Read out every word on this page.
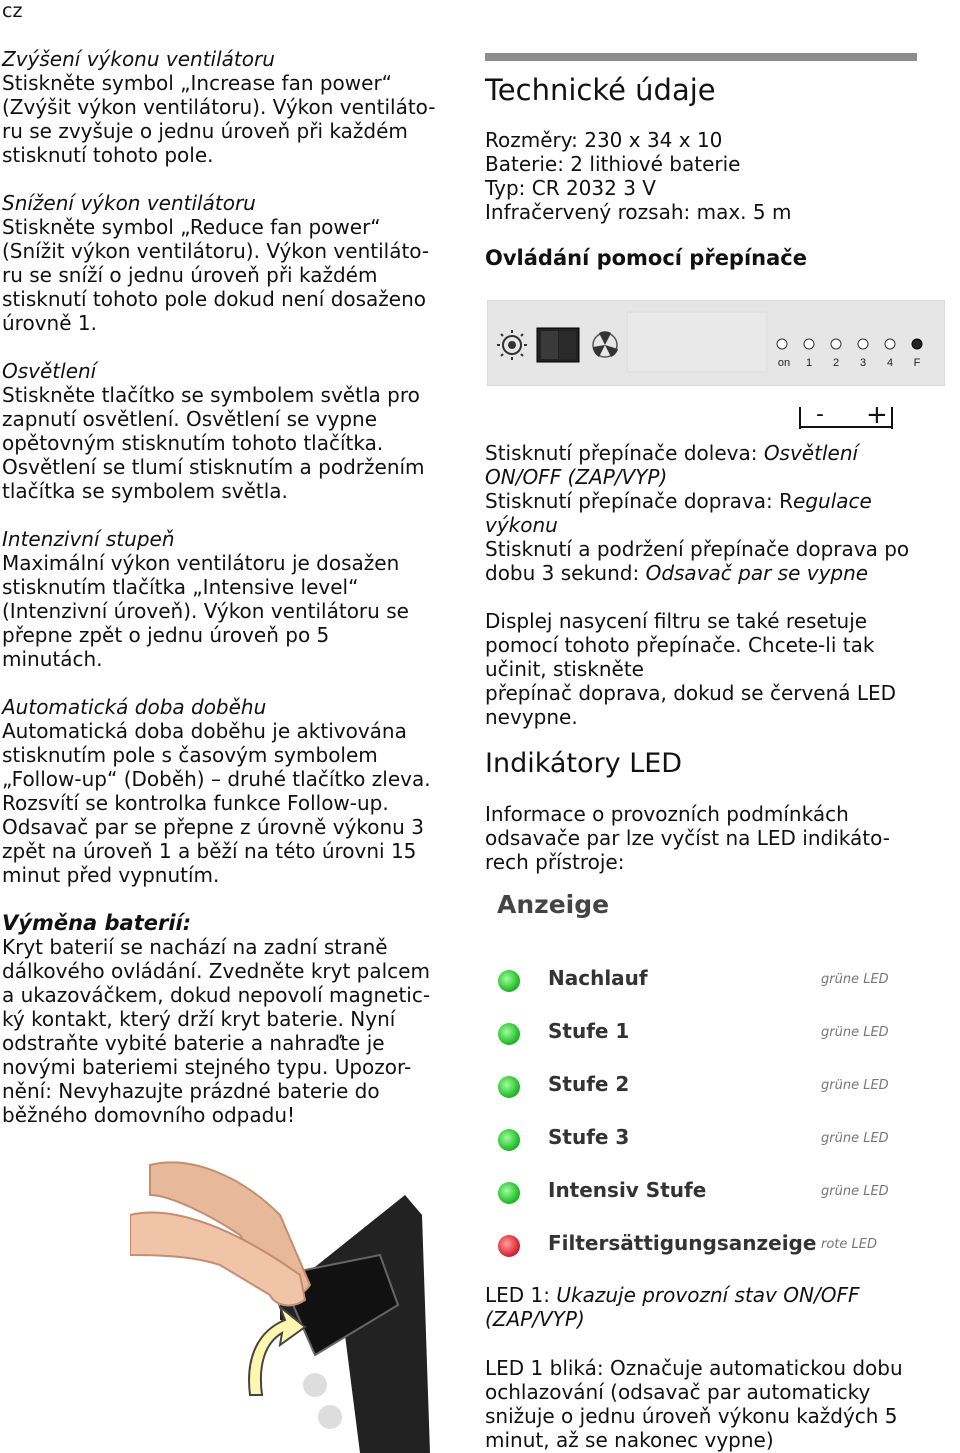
cz

Zvýšení výkonu ventilátoru

Stiskněte symbol „Increase fan power“

(Zvýšit výkon ventilátoru). Výkon ventiláto-

ru se zvyšuje o jednu úroveň při každém

stisknutí tohoto pole.

Snížení výkon ventilátoru

Stiskněte symbol „Reduce fan power“

(Snížit výkon ventilátoru). Výkon ventiláto-

ru se sníží o jednu úroveň při každém

stisknutí tohoto pole dokud není dosaženo

úrovně 1.

Osvětlení

Stiskněte tlačítko se symbolem světla pro

zapnutí osvětlení. Osvětlení se vypne

opětovným stisknutím tohoto tlačítka.

Osvětlení se tlumí stisknutím a podržením

tlačítka se symbolem světla.

Intenzivní stupeň

Maximální výkon ventilátoru je dosažen

stisknutím tlačítka „Intensive level“

(Intenzivní úroveň). Výkon ventilátoru se

přepne zpět o jednu úroveň po 5

minutách.

Automatická doba doběhu

Automatická doba doběhu je aktivována

stisknutím pole s časovým symbolem

„Follow-up“ (Doběh) – druhé tlačítko zleva.

Rozsvítí se kontrolka funkce Follow-up.

Odsavač par se přepne z úrovně výkonu 3

zpět na úroveň 1 a běží na této úrovni 15

minut před vypnutím.

Výměna baterií:

Kryt baterií se nachází na zadní straně

dálkového ovládání. Zvedněte kryt palcem

a ukazováčkem, dokud nepovolí magnetic-

ký kontakt, který drží kryt baterie. Nyní

odstraňte vybité baterie a nahraďte je

novými bateriemi stejného typu. Upozor-

nění: Nevyhazujte prázdné baterie do

běžného domovního odpadu!

Technické údaje

Rozměry: 230 x 34 x 10

Baterie: 2 lithiové baterie

Typ: CR 2032 3 V

Infračervený rozsah: max. 5 m

Ovládání pomocí přepínače
on 1 2 3 4 F
- +

Stisknutí přepínače doleva: Osvětlení

ON/OFF (ZAP/VYP)

Stisknutí přepínače doprava: Regulace

výkonu

Stisknutí a podržení přepínače doprava po

dobu 3 sekund: Odsavač par se vypne

Displej nasycení filtru se také resetuje

pomocí tohoto přepínače. Chcete-li tak

učinit, stiskněte

přepínač doprava, dokud se červená LED

nevypne.

Indikátory LED

Informace o provozních podmínkách

odsavače par lze vyčíst na LED indikáto-

rech přístroje:

Anzeige
Nachlauf	grüne LED
Stufe 1	grüne LED
Stufe 2	grüne LED
Stufe 3	grüne LED
Intensiv Stufe	grüne LED
Filtersättigungsanzeige rote LED

LED 1: Ukazuje provozní stav ON/OFF

(ZAP/VYP)

LED 1 bliká: Označuje automatickou dobu

ochlazování (odsavač par automaticky

snižuje o jednu úroveň výkonu každých 5

minut, až se nakonec vypne)
